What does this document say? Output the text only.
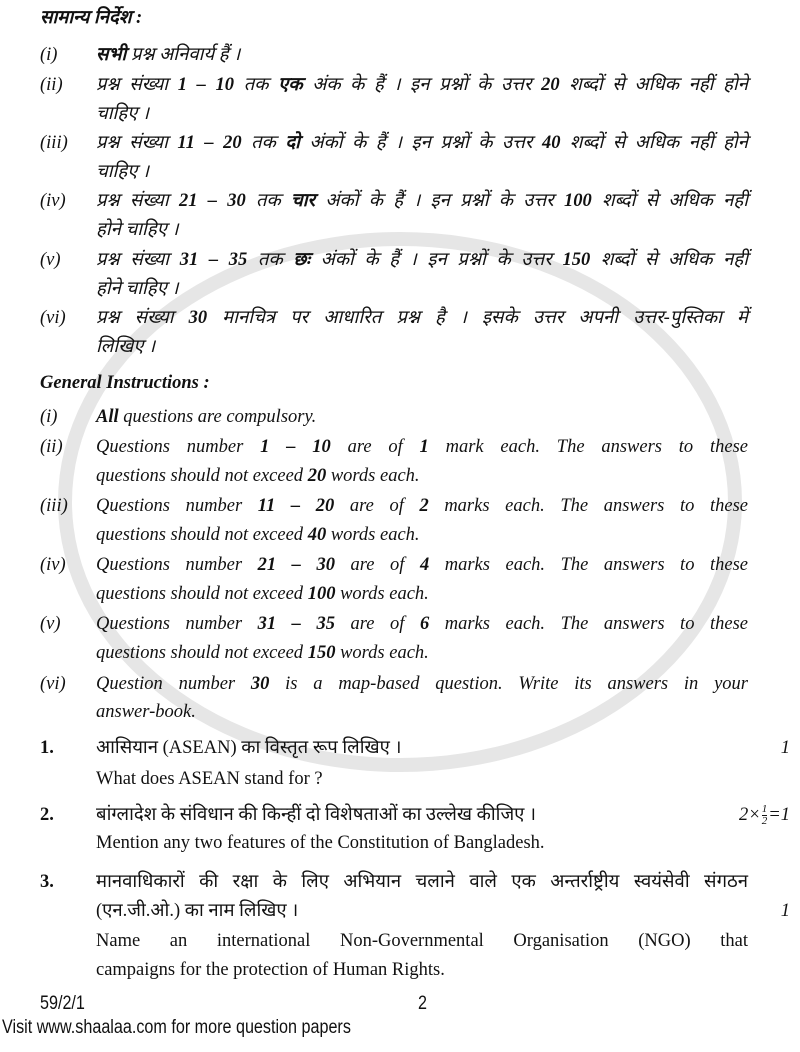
सामान्य निर्देश :
(i) सभी प्रश्न अनिवार्य हैं ।
(ii) प्रश्न संख्या 1 – 10 तक एक अंक के हैं । इन प्रश्नों के उत्तर 20 शब्दों से अधिक नहीं होने
चाहिए ।
(iii) प्रश्न संख्या 11 – 20 तक दो अंकों के हैं । इन प्रश्नों के उत्तर 40 शब्दों से अधिक नहीं होने
चाहिए ।
(iv) प्रश्न संख्या 21 – 30 तक चार अंकों के हैं । इन प्रश्नों के उत्तर 100 शब्दों से अधिक नहीं
होने चाहिए ।
(v) प्रश्न संख्या 31 – 35 तक छः अंकों के हैं । इन प्रश्नों के उत्तर 150 शब्दों से अधिक नहीं
होने चाहिए ।
(vi) प्रश्न संख्या 30 मानचित्र पर आधारित प्रश्न है । इसके उत्तर अपनी उत्तर-पुस्तिका में
लिखिए ।
General Instructions :
(i) All questions are compulsory.
(ii) Questions number 1 – 10 are of 1 mark each. The answers to these
questions should not exceed 20 words each.
(iii) Questions number 11 – 20 are of 2 marks each. The answers to these
questions should not exceed 40 words each.
(iv) Questions number 21 – 30 are of 4 marks each. The answers to these
questions should not exceed 100 words each.
(v) Questions number 31 – 35 are of 6 marks each. The answers to these
questions should not exceed 150 words each.
(vi) Question number 30 is a map-based question. Write its answers in your
answer-book.
1. आसियान (ASEAN) का विस्तृत रूप लिखिए ।
What does ASEAN stand for ?
1
2. बांग्लादेश के संविधान की किन्हीं दो विशेषताओं का उल्लेख कीजिए ।
Mention any two features of the Constitution of Bangladesh.
$2\times \frac{1}{2} =1$
3. मानवाधिकारों की रक्षा के लिए अभियान चलाने वाले एक अन्तर्राष्ट्रीय स्वयंसेवी संगठन
(एन.जी.ओ.) का नाम लिखिए ।
Name an international Non-Governmental Organisation (NGO) that
campaigns for the protection of Human Rights.
1
59/2/1	2
Visit www.shaalaa.com for more question papers
